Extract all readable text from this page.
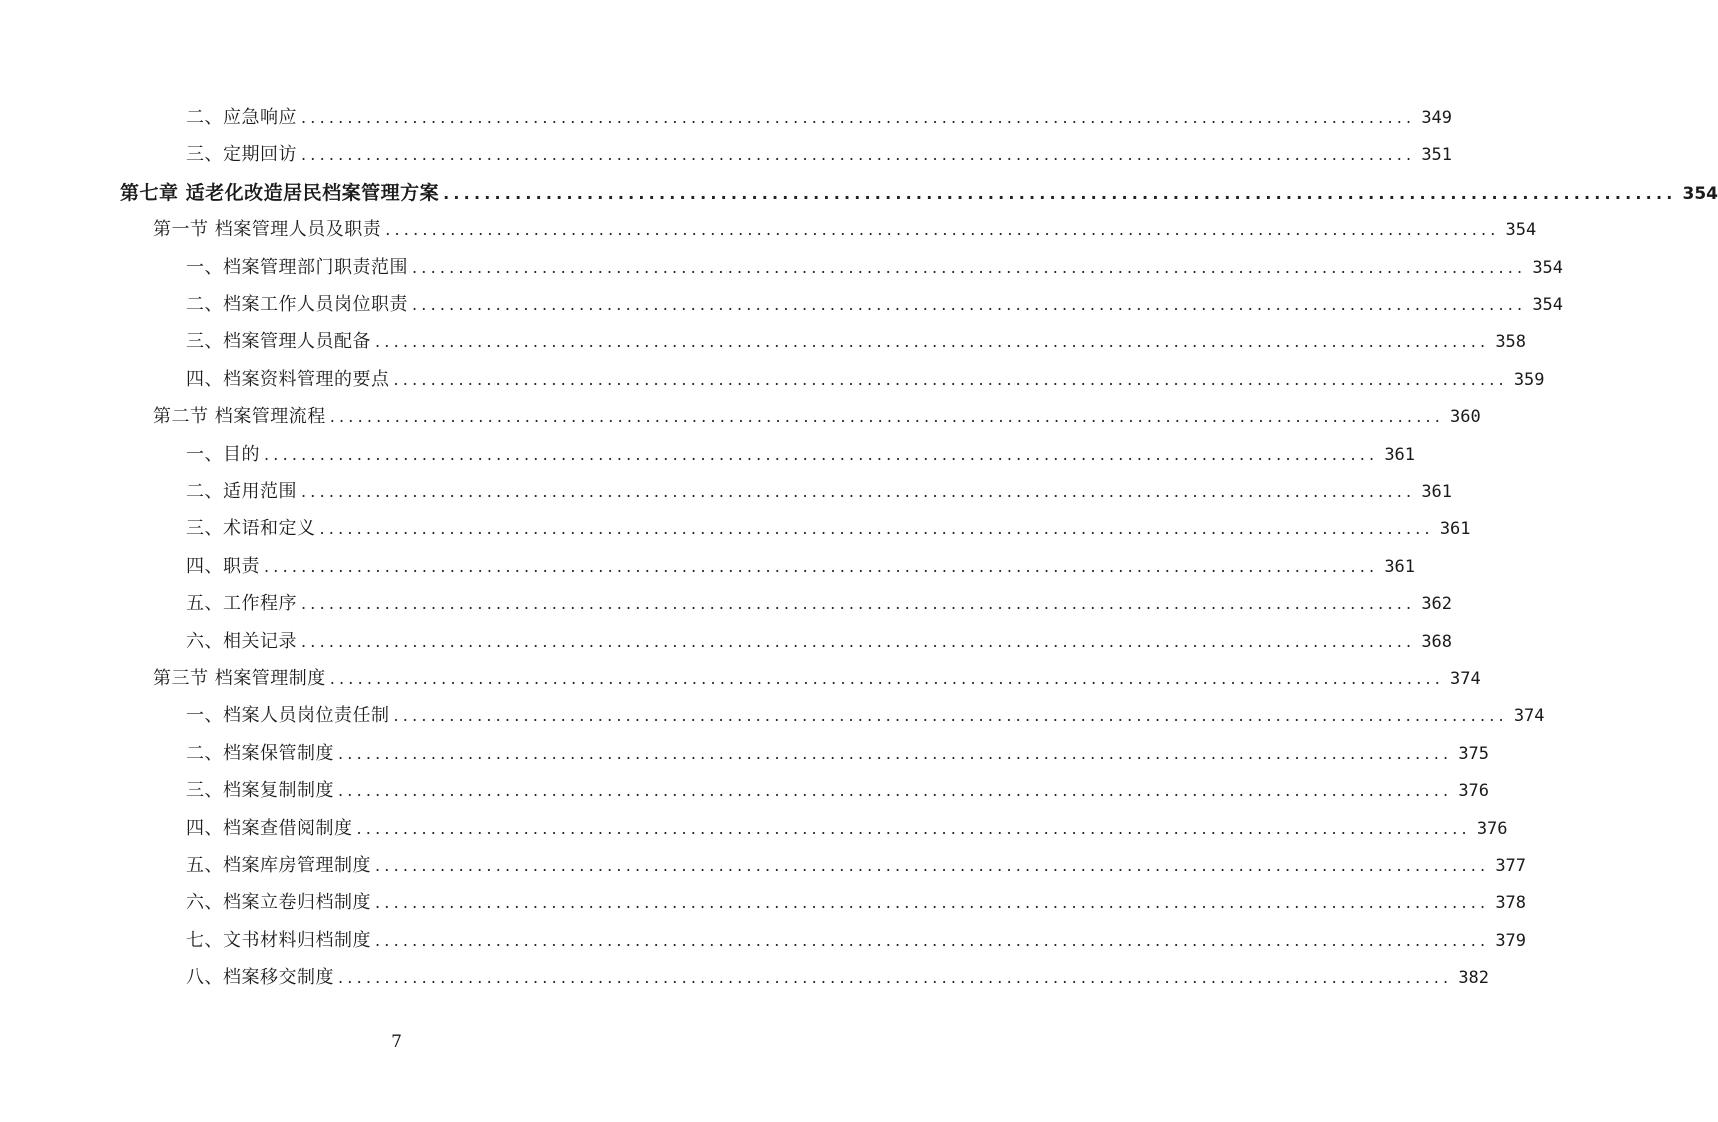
二、应急响应 ........................................................................................................................ 349
三、定期回访 ........................................................................................................................ 351
第七章 适老化改造居民档案管理方案 ........................................................................................................................ 354
第一节 档案管理人员及职责 ........................................................................................................................ 354
一、档案管理部门职责范围 ........................................................................................................................ 354
二、档案工作人员岗位职责 ........................................................................................................................ 354
三、档案管理人员配备 ........................................................................................................................ 358
四、档案资料管理的要点 ........................................................................................................................ 359
第二节 档案管理流程 ........................................................................................................................ 360
一、目的 ........................................................................................................................ 361
二、适用范围 ........................................................................................................................ 361
三、术语和定义 ........................................................................................................................ 361
四、职责 ........................................................................................................................ 361
五、工作程序 ........................................................................................................................ 362
六、相关记录 ........................................................................................................................ 368
第三节 档案管理制度 ........................................................................................................................ 374
一、档案人员岗位责任制 ........................................................................................................................ 374
二、档案保管制度 ........................................................................................................................ 375
三、档案复制制度 ........................................................................................................................ 376
四、档案查借阅制度 ........................................................................................................................ 376
五、档案库房管理制度 ........................................................................................................................ 377
六、档案立卷归档制度 ........................................................................................................................ 378
七、文书材料归档制度 ........................................................................................................................ 379
八、档案移交制度 ........................................................................................................................ 382
7
